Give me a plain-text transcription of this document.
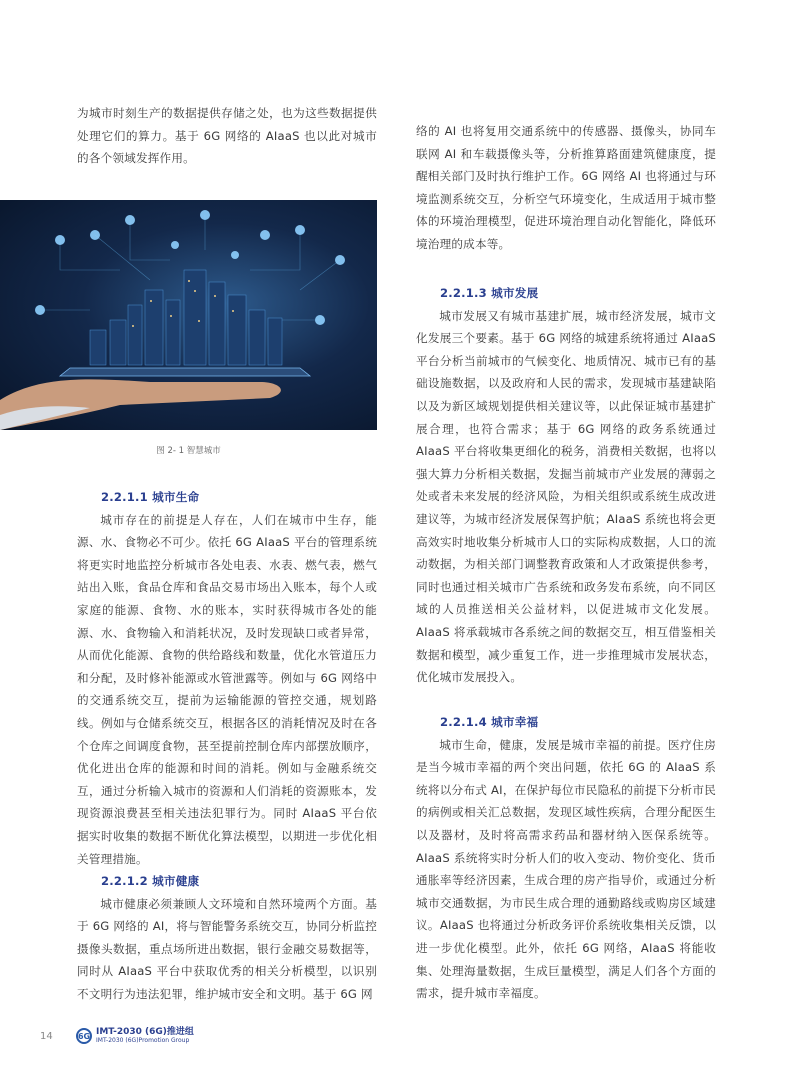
为城市时刻生产的数据提供存储之处，也为这些数据提供处理它们的算力。基于 6G 网络的 AIaaS 也以此对城市的各个领域发挥作用。

图 2- 1 智慧城市

2.2.1.1 城市生命

城市存在的前提是人存在，人们在城市中生存，能源、水、食物必不可少。依托 6G AIaaS 平台的管理系统将更实时地监控分析城市各处电表、水表、燃气表，燃气站出入账，食品仓库和食品交易市场出入账本，每个人或家庭的能源、食物、水的账本，实时获得城市各处的能源、水、食物输入和消耗状况，及时发现缺口或者异常，从而优化能源、食物的供给路线和数量，优化水管道压力和分配，及时修补能源或水管泄露等。例如与 6G 网络中的交通系统交互，提前为运输能源的管控交通，规划路线。例如与仓储系统交互，根据各区的消耗情况及时在各个仓库之间调度食物，甚至提前控制仓库内部摆放顺序，优化进出仓库的能源和时间的消耗。例如与金融系统交互，通过分析输入城市的资源和人们消耗的资源账本，发现资源浪费甚至相关违法犯罪行为。同时 AIaaS 平台依据实时收集的数据不断优化算法模型，以期进一步优化相关管理措施。

2.2.1.2 城市健康

城市健康必须兼顾人文环境和自然环境两个方面。基于 6G 网络的 AI，将与智能警务系统交互，协同分析监控摄像头数据，重点场所进出数据，银行金融交易数据等，同时从 AIaaS 平台中获取优秀的相关分析模型，以识别不文明行为违法犯罪，维护城市安全和文明。基于 6G 网

络的 AI 也将复用交通系统中的传感器、摄像头，协同车联网 AI 和车载摄像头等，分析推算路面建筑健康度，提醒相关部门及时执行维护工作。6G 网络 AI 也将通过与环境监测系统交互，分析空气环境变化，生成适用于城市整体的环境治理模型，促进环境治理自动化智能化，降低环境治理的成本等。

2.2.1.3 城市发展

城市发展又有城市基建扩展，城市经济发展，城市文化发展三个要素。基于 6G 网络的城建系统将通过 AIaaS 平台分析当前城市的气候变化、地质情况、城市已有的基础设施数据，以及政府和人民的需求，发现城市基建缺陷以及为新区域规划提供相关建议等，以此保证城市基建扩展合理，也符合需求；基于 6G 网络的政务系统通过 AIaaS 平台将收集更细化的税务，消费相关数据，也将以强大算力分析相关数据，发掘当前城市产业发展的薄弱之处或者未来发展的经济风险，为相关组织或系统生成改进建议等，为城市经济发展保驾护航；AIaaS 系统也将会更高效实时地收集分析城市人口的实际构成数据，人口的流动数据，为相关部门调整教育政策和人才政策提供参考，同时也通过相关城市广告系统和政务发布系统，向不同区域的人员推送相关公益材料，以促进城市文化发展。AIaaS 将承载城市各系统之间的数据交互，相互借鉴相关数据和模型，减少重复工作，进一步推理城市发展状态，优化城市发展投入。

2.2.1.4 城市幸福

城市生命，健康，发展是城市幸福的前提。医疗住房是当今城市幸福的两个突出问题，依托 6G 的 AIaaS 系统将以分布式 AI，在保护每位市民隐私的前提下分析市民的病例或相关汇总数据，发现区域性疾病，合理分配医生以及器材，及时将高需求药品和器材纳入医保系统等。AIaaS 系统将实时分析人们的收入变动、物价变化、货币通胀率等经济因素，生成合理的房产指导价，或通过分析城市交通数据，为市民生成合理的通勤路线或购房区域建议。AIaaS 也将通过分析政务评价系统收集相关反馈，以进一步优化模型。此外，依托 6G 网络，AIaaS 将能收集、处理海量数据，生成巨量模型，满足人们各个方面的需求，提升城市幸福度。

14	6G IMT-2030 (6G)推进组
IMT-2030 (6G)Promotion Group
